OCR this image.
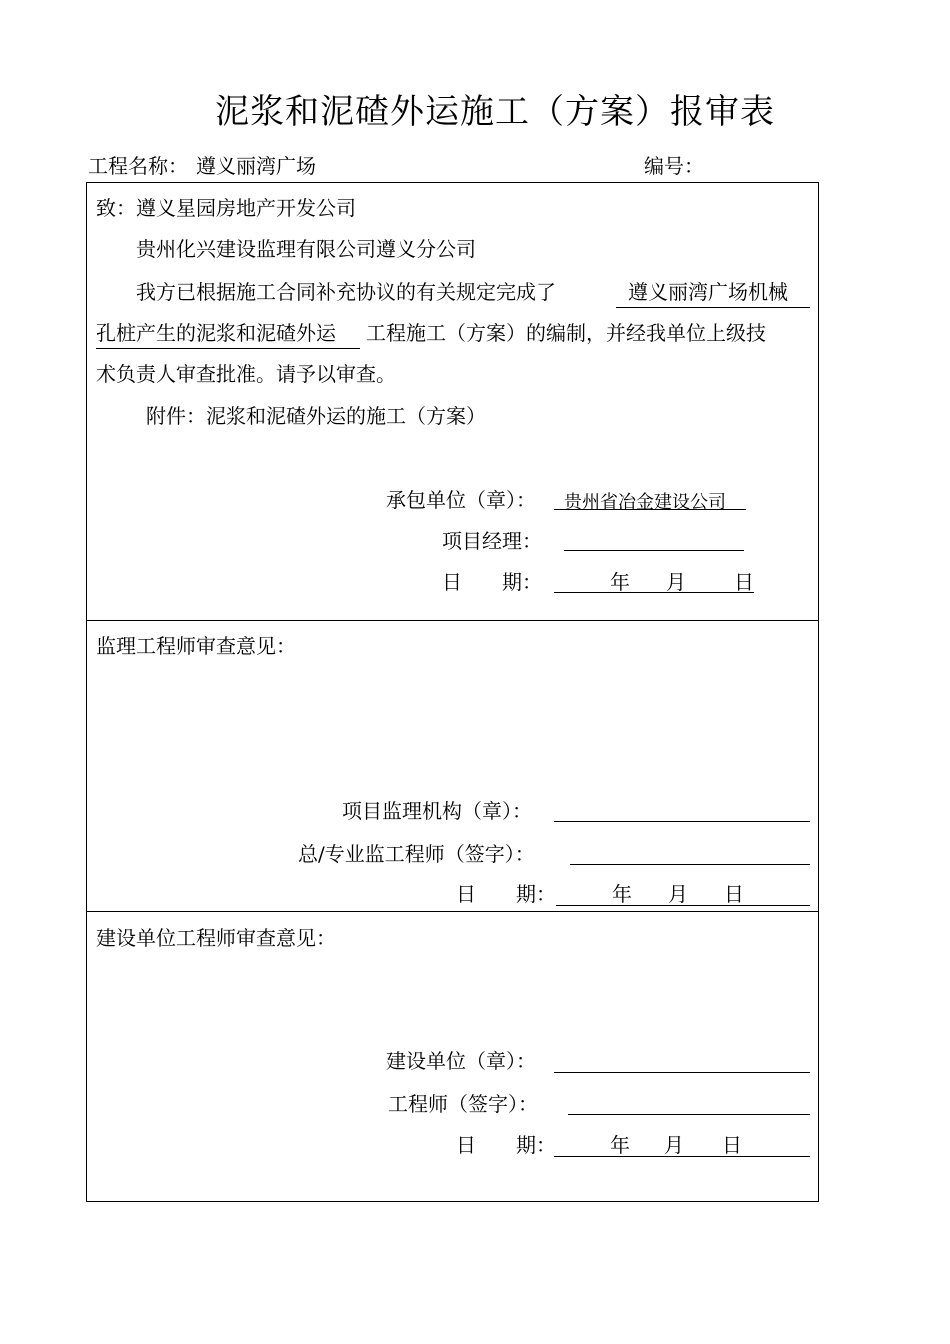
泥浆和泥碴外运施工（方案）报审表
工程名称： 遵义丽湾广场	编号：
致：遵义星园房地产开发公司
贵州化兴建设监理有限公司遵义分公司
我方已根据施工合同补充协议的有关规定完成了	遵义丽湾广场机械
孔桩产生的泥浆和泥碴外运	工程施工（方案）的编制，并经我单位上级技
术负责人审查批准。请予以审查。
附件：泥浆和泥碴外运的施工（方案）
承包单位（章）： 贵州省冶金建设公司
项目经理：
日　　期：	年 月 日
监理工程师审查意见：
项目监理机构（章）：
总/专业监工程师（签字）：
日　　期：	年 月 日
建设单位工程师审查意见：
建设单位（章）：
工程师（签字）：
日　　期：	年 月 日
